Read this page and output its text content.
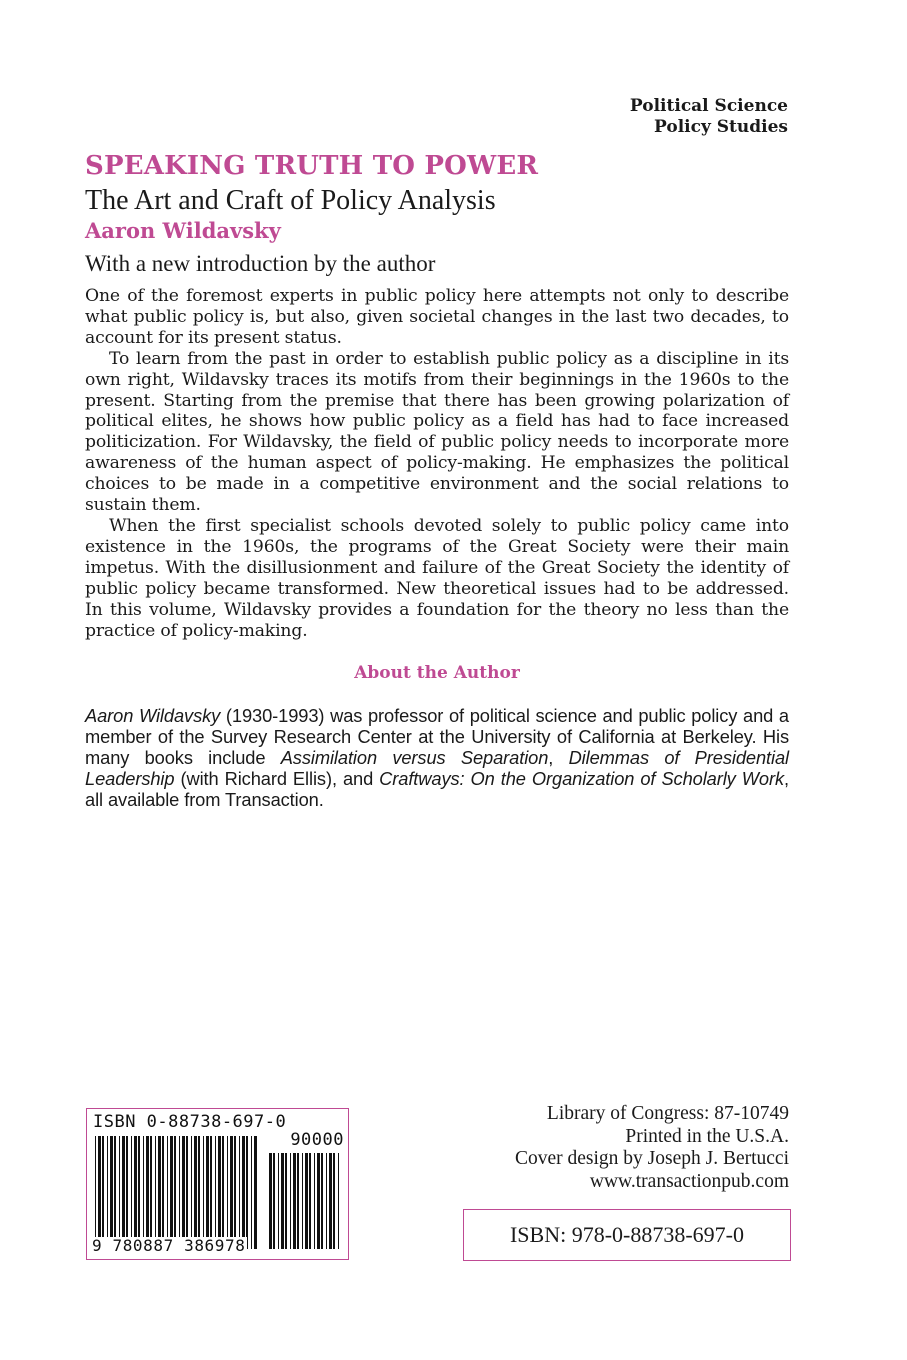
Political Science
Policy Studies
SPEAKING TRUTH TO POWER
The Art and Craft of Policy Analysis
Aaron Wildavsky
With a new introduction by the author

One of the foremost experts in public policy here attempts not only to describe what public policy is, but also, given societal changes in the last two decades, to account for its present status.

To learn from the past in order to establish public policy as a discipline in its own right, Wildavsky traces its motifs from their beginnings in the 1960s to the present. Starting from the premise that there has been growing polarization of political elites, he shows how public policy as a field has had to face increased politicization. For Wildavsky, the field of public policy needs to incorporate more awareness of the human aspect of policy-making. He emphasizes the political choices to be made in a competitive environment and the social relations to sustain them.

When the first specialist schools devoted solely to public policy came into existence in the 1960s, the programs of the Great Society were their main impetus. With the disillusionment and failure of the Great Society the identity of public policy became transformed. New theoretical issues had to be addressed. In this volume, Wildavsky provides a foundation for the theory no less than the practice of policy-making.

About the Author
Aaron Wildavsky (1930-1993) was professor of political science and public policy and a member of the Survey Research Center at the University of California at Berkeley. His many books include Assimilation versus Separation, Dilemmas of Presidential Leadership (with Richard Ellis), and Craftways: On the Organization of Scholarly Work, all available from Transaction.
ISBN 0-88738-697-0
90000
9 780887 386978
Library of Congress: 87-10749
Printed in the U.S.A.
Cover design by Joseph J. Bertucci
www.transactionpub.com
ISBN: 978-0-88738-697-0
